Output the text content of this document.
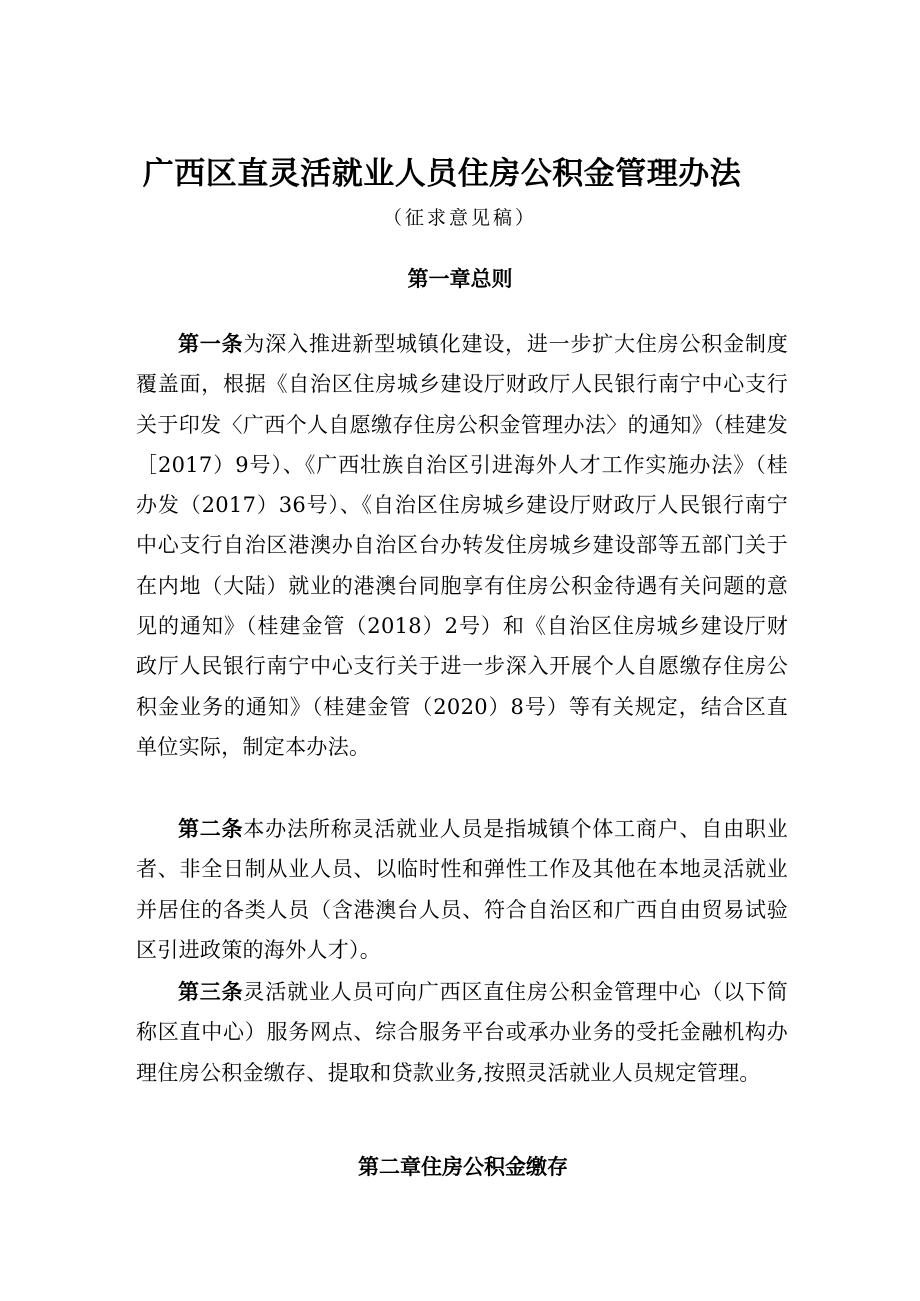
广西区直灵活就业人员住房公积金管理办法
（征求意见稿）
第一章总则

第一条为深入推进新型城镇化建设，进一步扩大住房公积金制度覆盖面，根据《自治区住房城乡建设厅财政厅人民银行南宁中心支行关于印发〈广西个人自愿缴存住房公积金管理办法〉的通知》（桂建发［2017）9号）、《广西壮族自治区引进海外人才工作实施办法》（桂办发（2017）36号）、《自治区住房城乡建设厅财政厅人民银行南宁中心支行自治区港澳办自治区台办转发住房城乡建设部等五部门关于在内地（大陆）就业的港澳台同胞享有住房公积金待遇有关问题的意见的通知》（桂建金管（2018）2号）和《自治区住房城乡建设厅财政厅人民银行南宁中心支行关于进一步深入开展个人自愿缴存住房公积金业务的通知》（桂建金管（2020）8号）等有关规定，结合区直单位实际，制定本办法。

第二条本办法所称灵活就业人员是指城镇个体工商户、自由职业者、非全日制从业人员、以临时性和弹性工作及其他在本地灵活就业并居住的各类人员（含港澳台人员、符合自治区和广西自由贸易试验区引进政策的海外人才）。

第三条灵活就业人员可向广西区直住房公积金管理中心（以下简称区直中心）服务网点、综合服务平台或承办业务的受托金融机构办理住房公积金缴存、提取和贷款业务,按照灵活就业人员规定管理。

第二章住房公积金缴存
